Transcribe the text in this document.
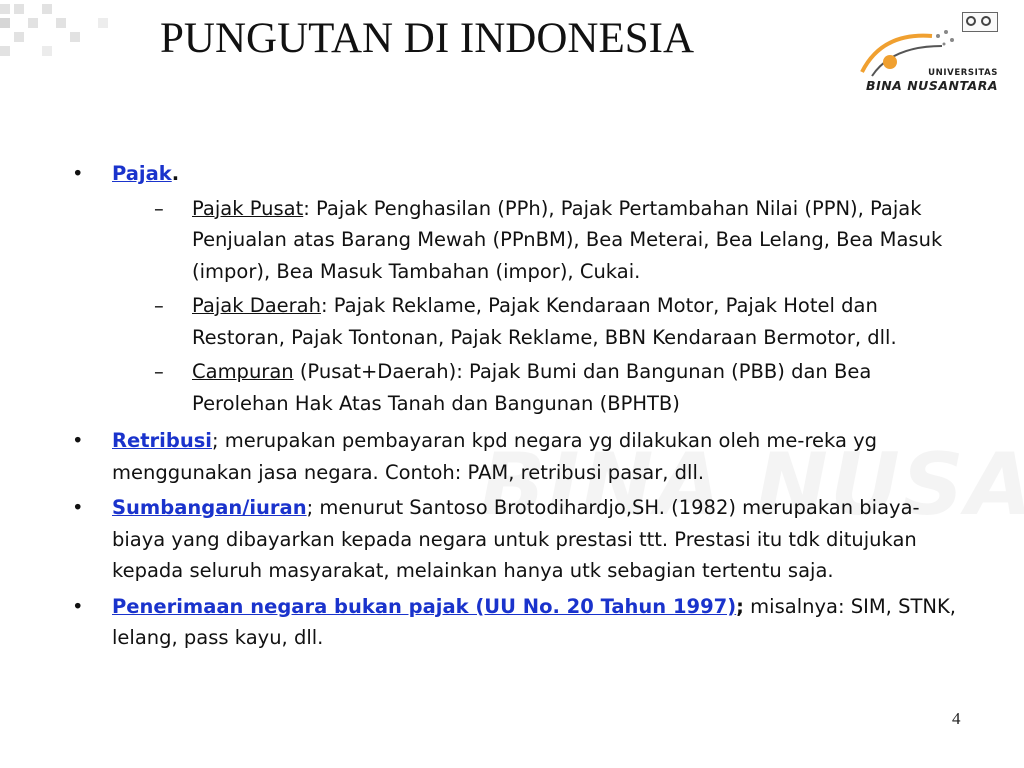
PUNGUTAN DI INDONESIA
UNIVERSITAS
BINA NUSANTARA
• Pajak.
–	Pajak Pusat: Pajak Penghasilan (PPh), Pajak Pertambahan Nilai (PPN), Pajak Penjualan atas Barang Mewah (PPnBM), Bea Meterai, Bea Lelang, Bea Masuk (impor), Bea Masuk Tambahan (impor), Cukai.
–	Pajak Daerah: Pajak Reklame, Pajak Kendaraan Motor, Pajak Hotel dan Restoran, Pajak Tontonan, Pajak Reklame, BBN Kendaraan Bermotor, dll.
–	Campuran (Pusat+Daerah): Pajak Bumi dan Bangunan (PBB) dan Bea Perolehan Hak Atas Tanah dan Bangunan (BPHTB)
• Retribusi; merupakan pembayaran kpd negara yg dilakukan oleh me-reka yg menggunakan jasa negara. Contoh: PAM, retribusi pasar, dll.
• Sumbangan/iuran; menurut Santoso Brotodihardjo,SH. (1982) merupakan biaya-biaya yang dibayarkan kepada negara untuk prestasi ttt. Prestasi itu tdk ditujukan kepada seluruh masyarakat, melainkan hanya utk sebagian tertentu saja.
• Penerimaan negara bukan pajak (UU No. 20 Tahun 1997); misalnya: SIM, STNK, lelang, pass kayu, dll.
4
